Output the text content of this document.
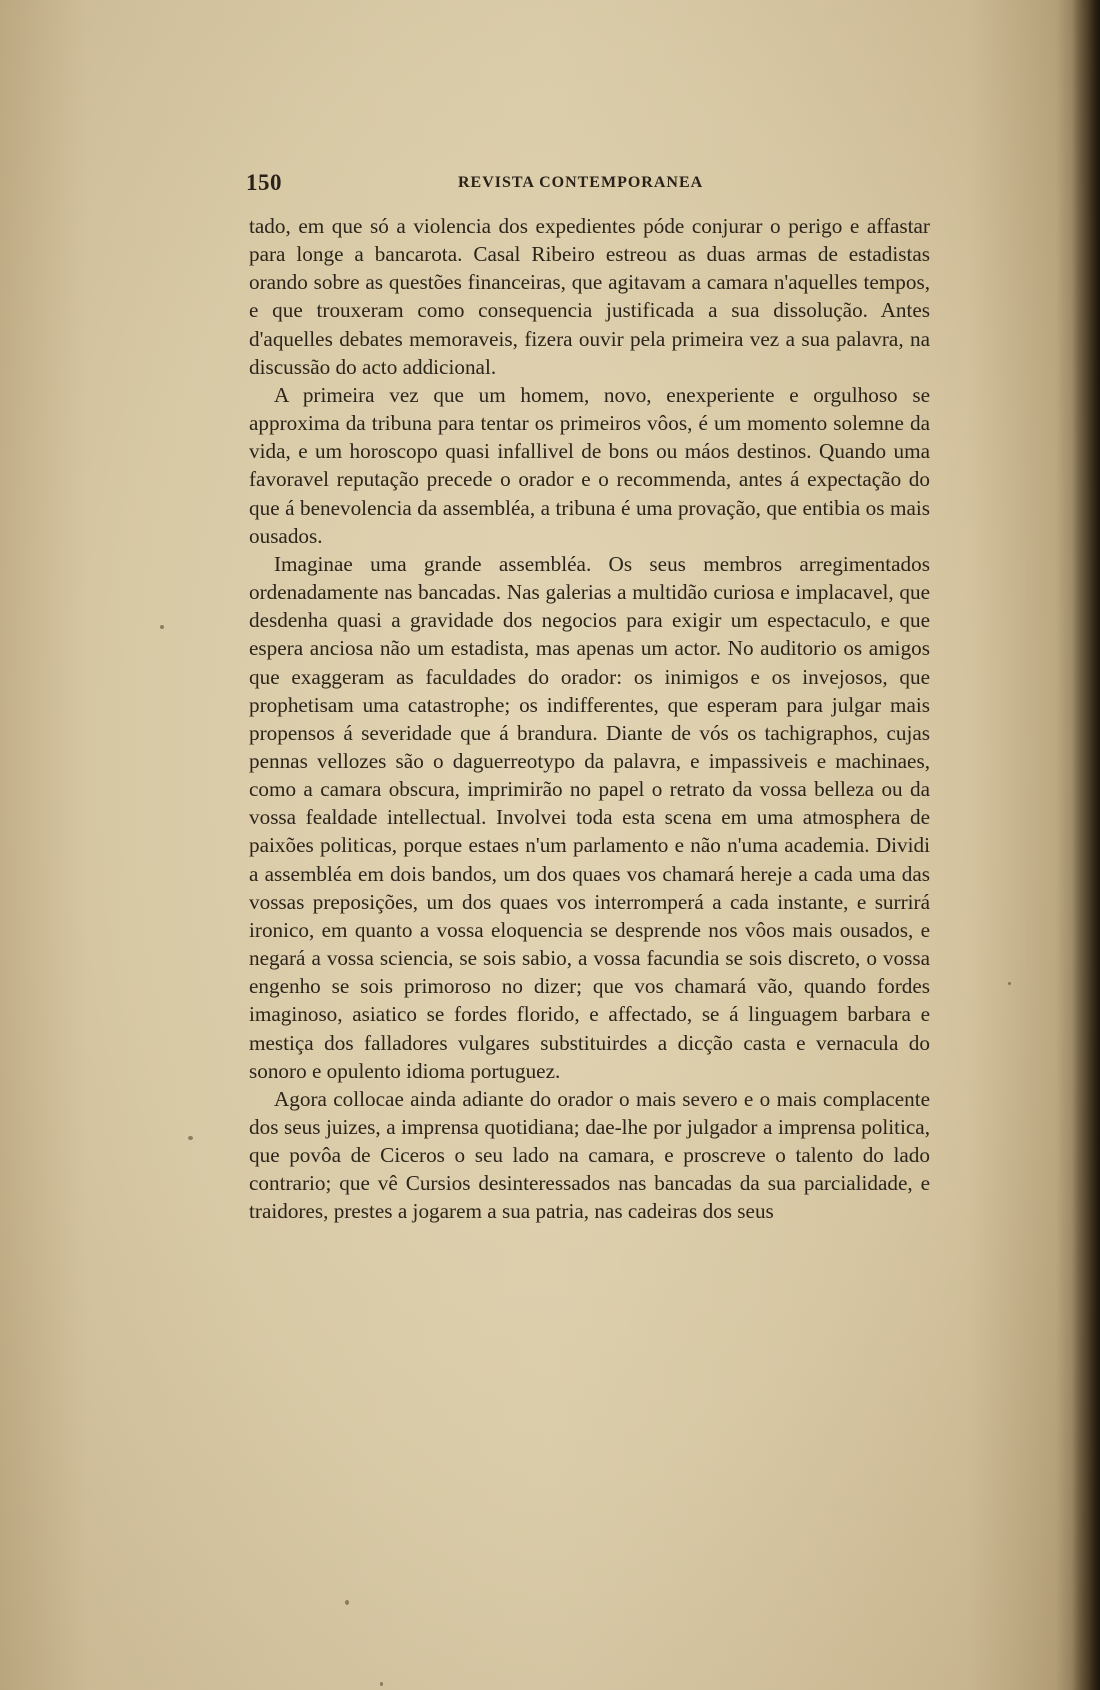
150	REVISTA CONTEMPORANEA

tado, em que só a violencia dos expedientes póde conjurar o perigo e affastar para longe a bancarota. Casal Ribeiro estreou as duas armas de estadistas orando sobre as questões financeiras, que agitavam a camara n'aquelles tempos, e que trouxeram como consequencia justificada a sua dissolução. Antes d'aquelles debates memoraveis, fizera ouvir pela primeira vez a sua palavra, na discussão do acto addicional.

A primeira vez que um homem, novo, enexperiente e orgulhoso se approxima da tribuna para tentar os primeiros vôos, é um momento solemne da vida, e um horoscopo quasi infallivel de bons ou máos destinos. Quando uma favoravel reputação precede o orador e o recommenda, antes á expectação do que á benevolencia da assembléa, a tribuna é uma provação, que entibia os mais ousados.

Imaginae uma grande assembléa. Os seus membros arregimentados ordenadamente nas bancadas. Nas galerias a multidão curiosa e implacavel, que desdenha quasi a gravidade dos negocios para exigir um espectaculo, e que espera anciosa não um estadista, mas apenas um actor. No auditorio os amigos que exaggeram as faculdades do orador: os inimigos e os invejosos, que prophetisam uma catastrophe; os indifferentes, que esperam para julgar mais propensos á severidade que á brandura. Diante de vós os tachigraphos, cujas pennas vellozes são o daguerreotypo da palavra, e impassiveis e machinaes, como a camara obscura, imprimirão no papel o retrato da vossa belleza ou da vossa fealdade intellectual. Involvei toda esta scena em uma atmosphera de paixões politicas, porque estaes n'um parlamento e não n'uma academia. Dividi a assembléa em dois bandos, um dos quaes vos chamará hereje a cada uma das vossas preposições, um dos quaes vos interromperá a cada instante, e surrirá ironico, em quanto a vossa eloquencia se desprende nos vôos mais ousados, e negará a vossa sciencia, se sois sabio, a vossa facundia se sois discreto, o vossa engenho se sois primoroso no dizer; que vos chamará vão, quando fordes imaginoso, asiatico se fordes florido, e affectado, se á linguagem barbara e mestiça dos falladores vulgares substituirdes a dicção casta e vernacula do sonoro e opulento idioma portuguez.

Agora collocae ainda adiante do orador o mais severo e o mais complacente dos seus juizes, a imprensa quotidiana; dae-lhe por julgador a imprensa politica, que povôa de Ciceros o seu lado na camara, e proscreve o talento do lado contrario; que vê Cursios desinteressados nas bancadas da sua parcialidade, e traidores, prestes a jogarem a sua patria, nas cadeiras dos seus
